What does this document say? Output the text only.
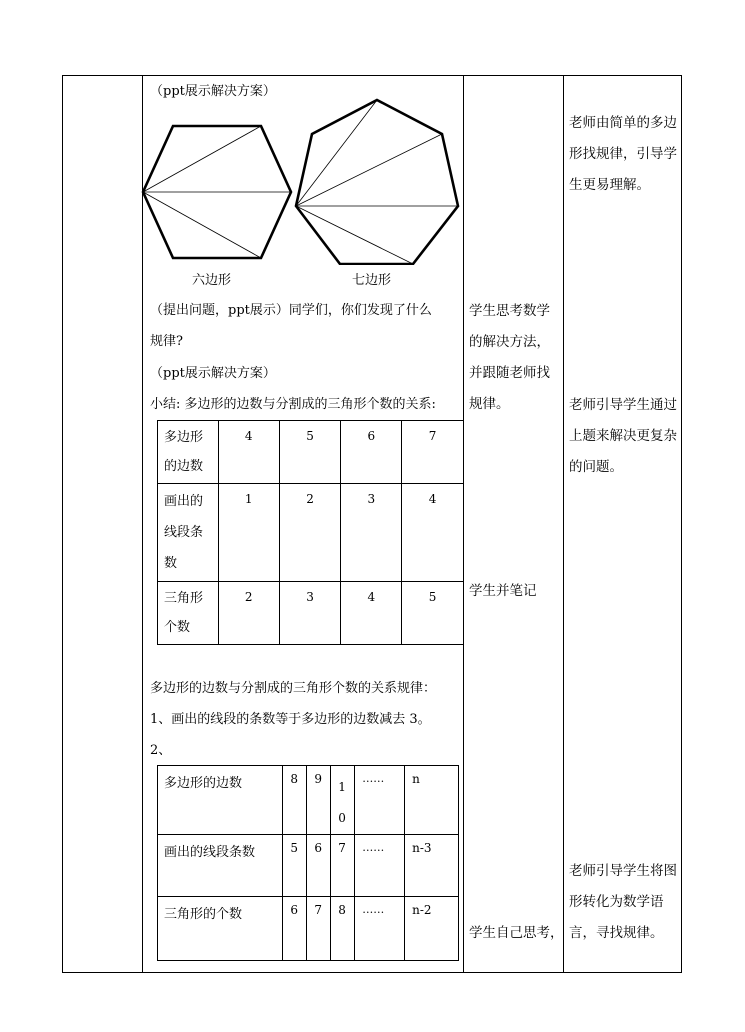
（ppt展示解决方案）
六边形	七边形
（提出问题，ppt展示）同学们，你们发现了什么
规律?
（ppt展示解决方案）
小结: 多边形的边数与分割成的三角形个数的关系:
多边形的边数	4	5	6	7

画出的线段条数	1	2	3	4

三角形个数	2	3	4	5
多边形的边数与分割成的三角形个数的关系规律：
1、画出的线段的条数等于多边形的边数减去 3。
2、
多边形的边数	8	9	10	……	n

画出的线段条数	5	6	7	……	n-3

三角形的个数	6	7	8	……	n-2
学生思考数学的解决方法，并跟随老师找规律。
学生并笔记
学生自己思考，
老师由简单的多边形找规律，引导学生更易理解。
老师引导学生通过上题来解决更复杂的问题。
老师引导学生将图形转化为数学语言，寻找规律。
